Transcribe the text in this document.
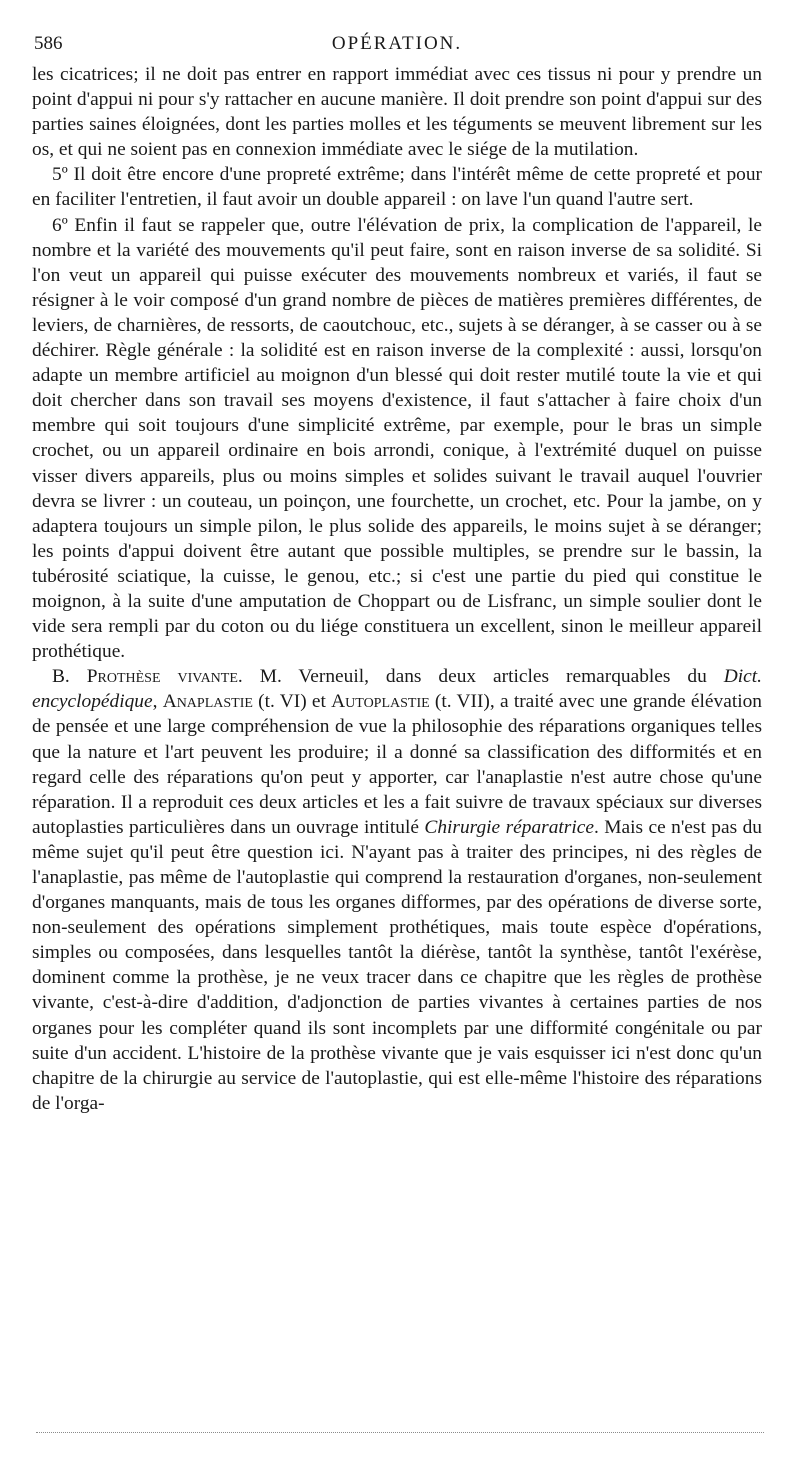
586	OPÉRATION.

les cicatrices; il ne doit pas entrer en rapport immédiat avec ces tissus ni pour y prendre un point d'appui ni pour s'y rattacher en aucune manière. Il doit prendre son point d'appui sur des parties saines éloignées, dont les parties molles et les téguments se meuvent librement sur les os, et qui ne soient pas en connexion immédiate avec le siége de la mutilation.

5º Il doit être encore d'une propreté extrême; dans l'intérêt même de cette propreté et pour en faciliter l'entretien, il faut avoir un double appareil : on lave l'un quand l'autre sert.

6º Enfin il faut se rappeler que, outre l'élévation de prix, la complication de l'appareil, le nombre et la variété des mouvements qu'il peut faire, sont en raison inverse de sa solidité. Si l'on veut un appareil qui puisse exécuter des mouvements nombreux et variés, il faut se résigner à le voir composé d'un grand nombre de pièces de matières premières différentes, de leviers, de charnières, de ressorts, de caoutchouc, etc., sujets à se déranger, à se casser ou à se déchirer. Règle générale : la solidité est en raison inverse de la complexité : aussi, lorsqu'on adapte un membre artificiel au moignon d'un blessé qui doit rester mutilé toute la vie et qui doit chercher dans son travail ses moyens d'existence, il faut s'attacher à faire choix d'un membre qui soit toujours d'une simplicité extrême, par exemple, pour le bras un simple crochet, ou un appareil ordinaire en bois arrondi, conique, à l'extrémité duquel on puisse visser divers appareils, plus ou moins simples et solides suivant le travail auquel l'ouvrier devra se livrer : un couteau, un poinçon, une fourchette, un crochet, etc. Pour la jambe, on y adaptera toujours un simple pilon, le plus solide des appareils, le moins sujet à se déranger; les points d'appui doivent être autant que possible multiples, se prendre sur le bassin, la tubérosité sciatique, la cuisse, le genou, etc.; si c'est une partie du pied qui constitue le moignon, à la suite d'une amputation de Choppart ou de Lisfranc, un simple soulier dont le vide sera rempli par du coton ou du liége constituera un excellent, sinon le meilleur appareil prothétique.

B. Prothèse vivante. M. Verneuil, dans deux articles remarquables du Dict. encyclopédique, Anaplastie (t. VI) et Autoplastie (t. VII), a traité avec une grande élévation de pensée et une large compréhension de vue la philosophie des réparations organiques telles que la nature et l'art peuvent les produire; il a donné sa classification des difformités et en regard celle des réparations qu'on peut y apporter, car l'anaplastie n'est autre chose qu'une réparation. Il a reproduit ces deux articles et les a fait suivre de travaux spéciaux sur diverses autoplasties particulières dans un ouvrage intitulé Chirurgie réparatrice. Mais ce n'est pas du même sujet qu'il peut être question ici. N'ayant pas à traiter des principes, ni des règles de l'anaplastie, pas même de l'autoplastie qui comprend la restauration d'organes, non-seulement d'organes manquants, mais de tous les organes difformes, par des opérations de diverse sorte, non-seulement des opérations simplement prothétiques, mais toute espèce d'opérations, simples ou composées, dans lesquelles tantôt la diérèse, tantôt la synthèse, tantôt l'exérèse, dominent comme la prothèse, je ne veux tracer dans ce chapitre que les règles de prothèse vivante, c'est-à-dire d'addition, d'adjonction de parties vivantes à certaines parties de nos organes pour les compléter quand ils sont incomplets par une difformité congénitale ou par suite d'un accident. L'histoire de la prothèse vivante que je vais esquisser ici n'est donc qu'un chapitre de la chirurgie au service de l'autoplastie, qui est elle-même l'histoire des réparations de l'orga-
